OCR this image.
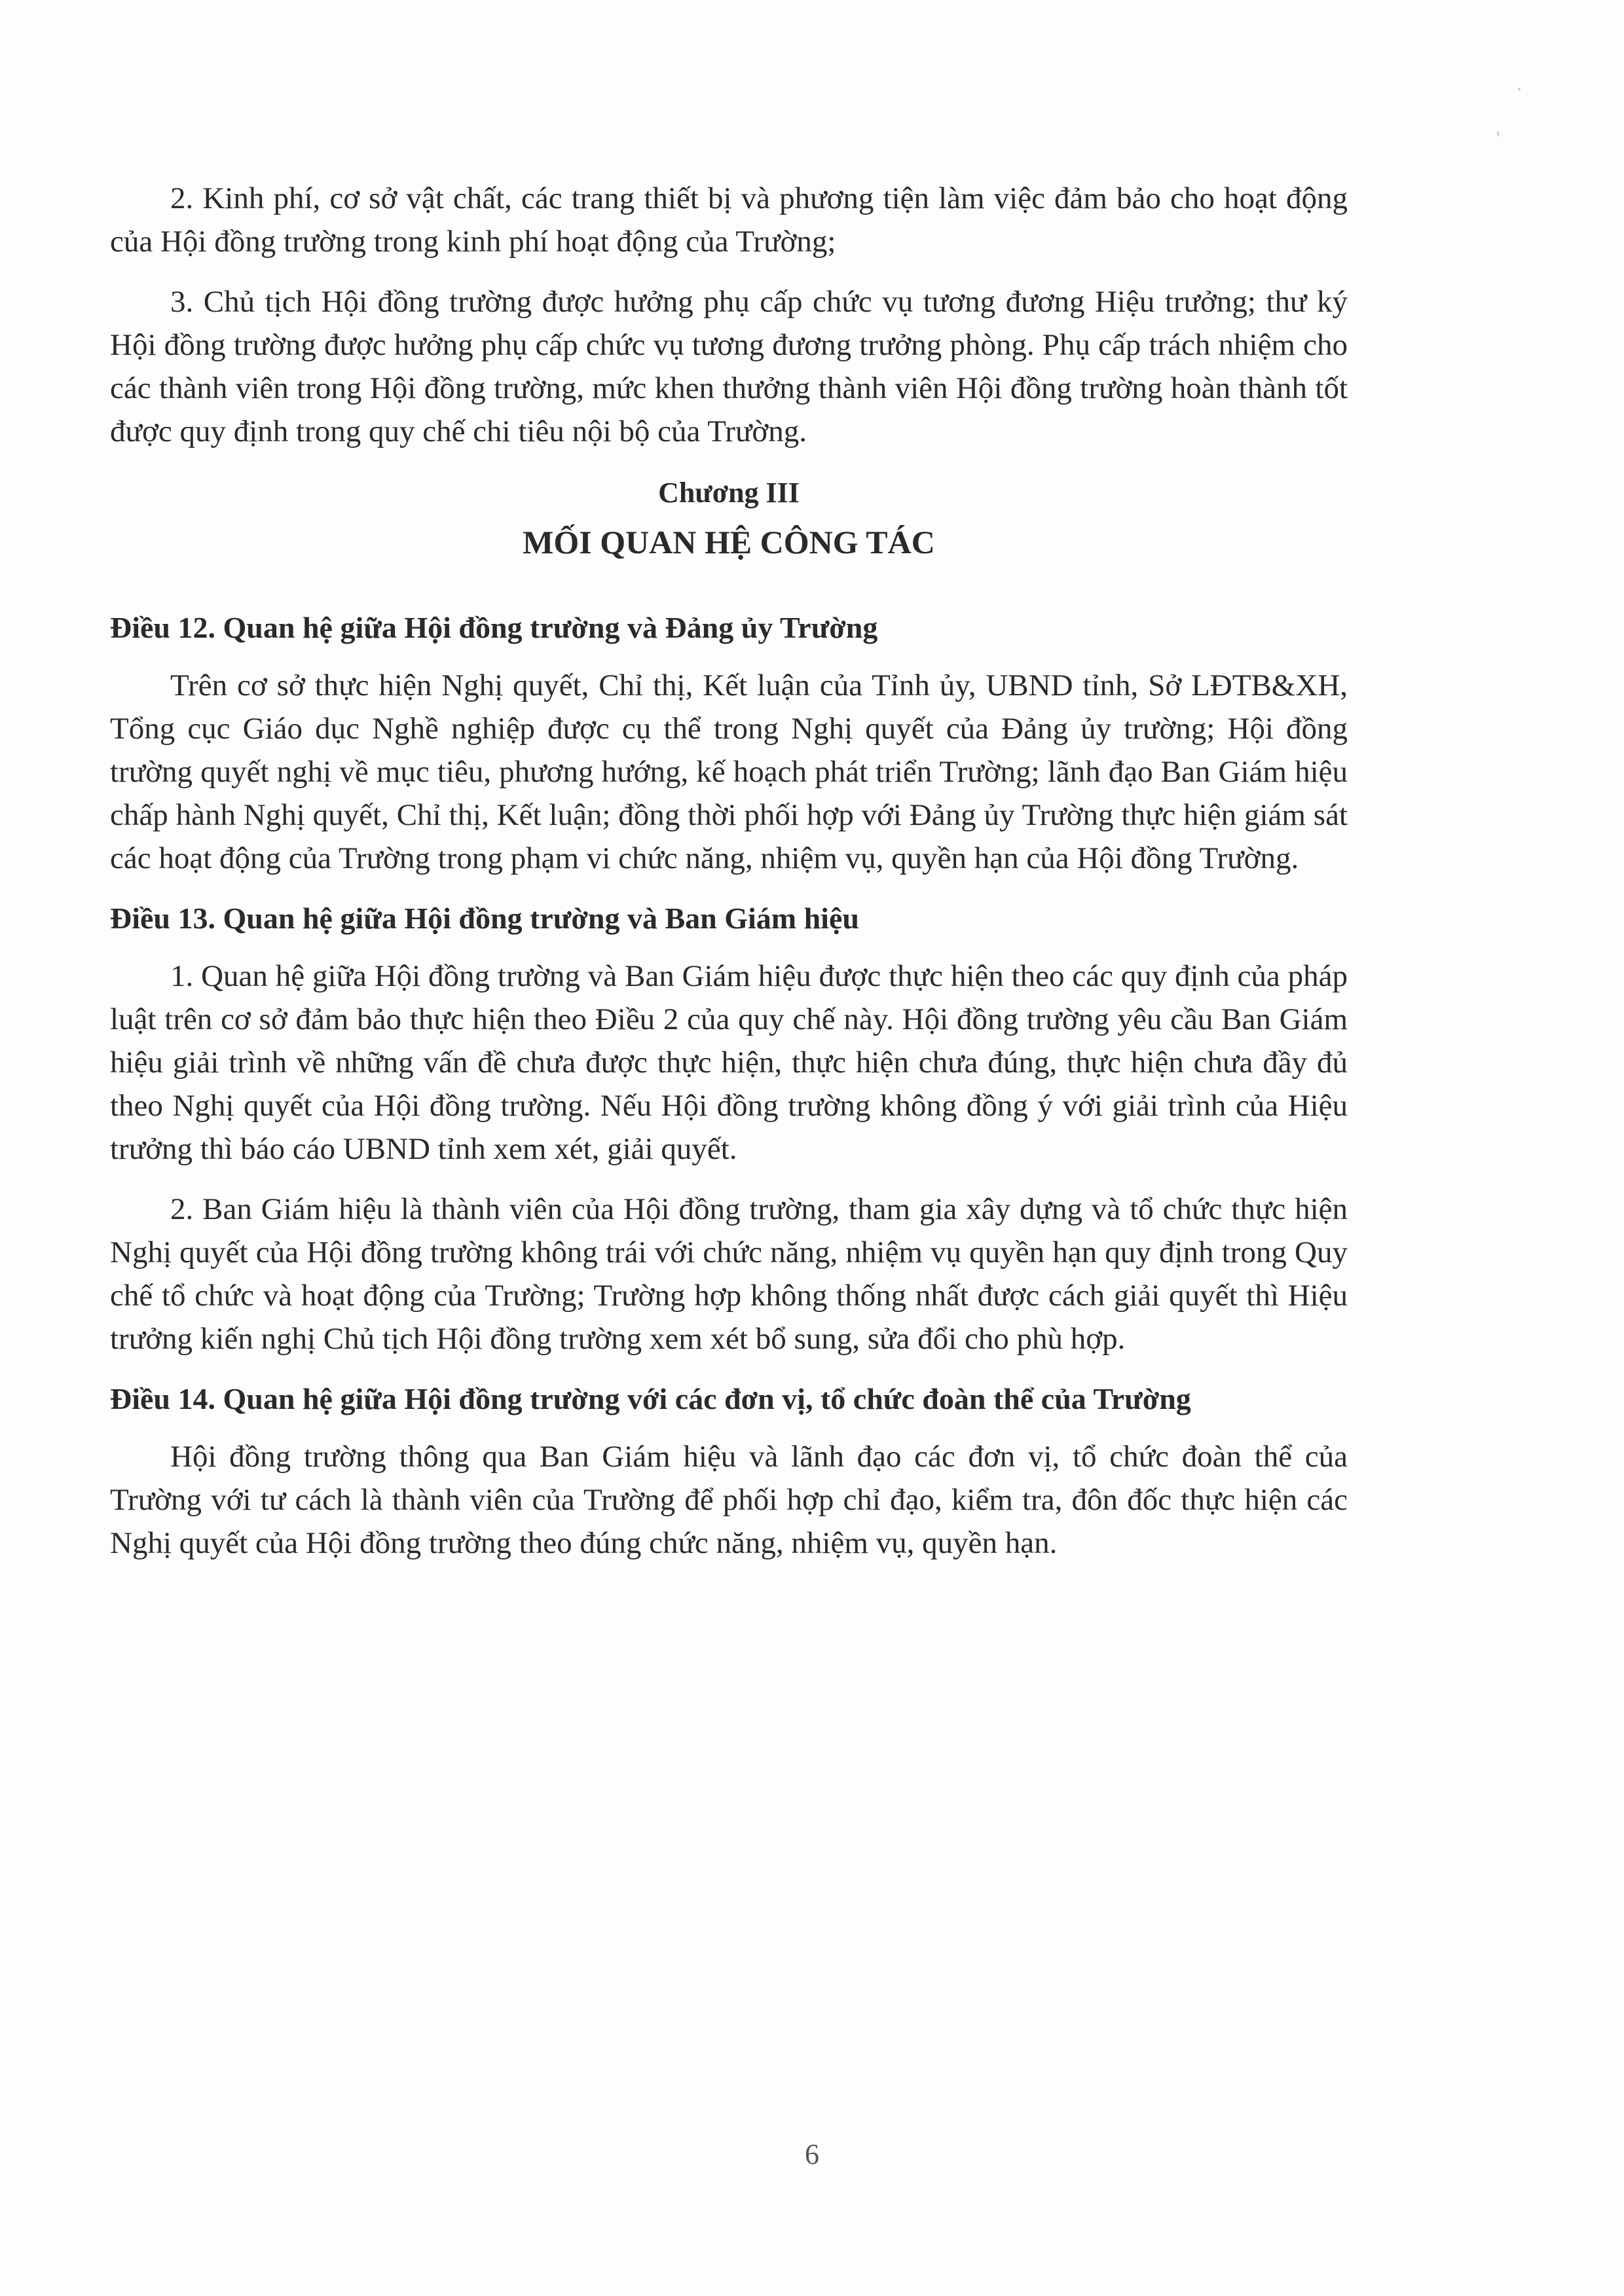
·
'

2. Kinh phí, cơ sở vật chất, các trang thiết bị và phương tiện làm việc đảm bảo cho hoạt động của Hội đồng trường trong kinh phí hoạt động của Trường;

3. Chủ tịch Hội đồng trường được hưởng phụ cấp chức vụ tương đương Hiệu trưởng; thư ký Hội đồng trường được hưởng phụ cấp chức vụ tương đương trưởng phòng. Phụ cấp trách nhiệm cho các thành viên trong Hội đồng trường, mức khen thưởng thành viên Hội đồng trường hoàn thành tốt được quy định trong quy chế chi tiêu nội bộ của Trường.

Chương III
MỐI QUAN HỆ CÔNG TÁC
Điều 12. Quan hệ giữa Hội đồng trường và Đảng ủy Trường

Trên cơ sở thực hiện Nghị quyết, Chỉ thị, Kết luận của Tỉnh ủy, UBND tỉnh, Sở LĐTB&XH, Tổng cục Giáo dục Nghề nghiệp được cụ thể trong Nghị quyết của Đảng ủy trường; Hội đồng trường quyết nghị về mục tiêu, phương hướng, kế hoạch phát triển Trường; lãnh đạo Ban Giám hiệu chấp hành Nghị quyết, Chỉ thị, Kết luận; đồng thời phối hợp với Đảng ủy Trường thực hiện giám sát các hoạt động của Trường trong phạm vi chức năng, nhiệm vụ, quyền hạn của Hội đồng Trường.

Điều 13. Quan hệ giữa Hội đồng trường và Ban Giám hiệu

1. Quan hệ giữa Hội đồng trường và Ban Giám hiệu được thực hiện theo các quy định của pháp luật trên cơ sở đảm bảo thực hiện theo Điều 2 của quy chế này. Hội đồng trường yêu cầu Ban Giám hiệu giải trình về những vấn đề chưa được thực hiện, thực hiện chưa đúng, thực hiện chưa đầy đủ theo Nghị quyết của Hội đồng trường. Nếu Hội đồng trường không đồng ý với giải trình của Hiệu trưởng thì báo cáo UBND tỉnh xem xét, giải quyết.

2. Ban Giám hiệu là thành viên của Hội đồng trường, tham gia xây dựng và tổ chức thực hiện Nghị quyết của Hội đồng trường không trái với chức năng, nhiệm vụ quyền hạn quy định trong Quy chế tổ chức và hoạt động của Trường; Trường hợp không thống nhất được cách giải quyết thì Hiệu trưởng kiến nghị Chủ tịch Hội đồng trường xem xét bổ sung, sửa đổi cho phù hợp.

Điều 14. Quan hệ giữa Hội đồng trường với các đơn vị, tổ chức đoàn thể của Trường

Hội đồng trường thông qua Ban Giám hiệu và lãnh đạo các đơn vị, tổ chức đoàn thể của Trường với tư cách là thành viên của Trường để phối hợp chỉ đạo, kiểm tra, đôn đốc thực hiện các Nghị quyết của Hội đồng trường theo đúng chức năng, nhiệm vụ, quyền hạn.

6
